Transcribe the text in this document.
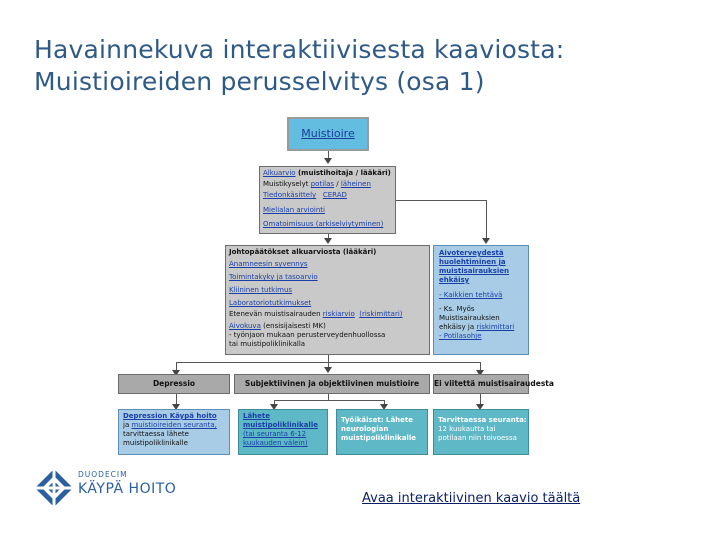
Havainnekuva interaktiivisesta kaaviosta:
Muistioireiden perusselvitys (osa 1)
Muistioire
Alkuarvio (muistihoitaja / lääkäri)
Muistikyselyt potilas / läheinen
Tiedonkäsittely CERAD
Mielialan arviointi
Omatoimisuus (arkiselviytyminen)
Johtopäätökset alkuarviosta (lääkäri)
Anamneesin syvennys
Toimintakyky ja tasoarvio
Kliininen tutkimus
Laboratoriotutkimukset
Etenevän muistisairauden riskiarvio (riskimittari)
Aivokuva (ensisijaisesti MK)
- työnjaon mukaan perusterveydenhuollossa
tai muistipoliklinikalla
Aivoterveydestä
huolehtiminen ja
muistisairauksien
ehkäisy
- Kaikkien tehtävä
- Ks. Myös
Muistisairauksien
ehkäisy ja riskimittari
- Potilasohje
Depressio	Subjektiivinen ja objektiivinen muistioire	Ei viitettä muistisairaudesta
Depression Käypä hoito
ja muistioireiden seuranta,
tarvittaessa lähete
muistipoliklinikalle
Lähete
muistipoliklinikalle
(tai seuranta 6-12
kuukauden välein)
Työikäiset: Lähete
neurologian
muistipoliklinikalle
Tarvittaessa seuranta:
12 kuukautta tai
potilaan niin toivoessa
DUODECIM
KÄYPÄ HOITO
Avaa interaktiivinen kaavio täältä
